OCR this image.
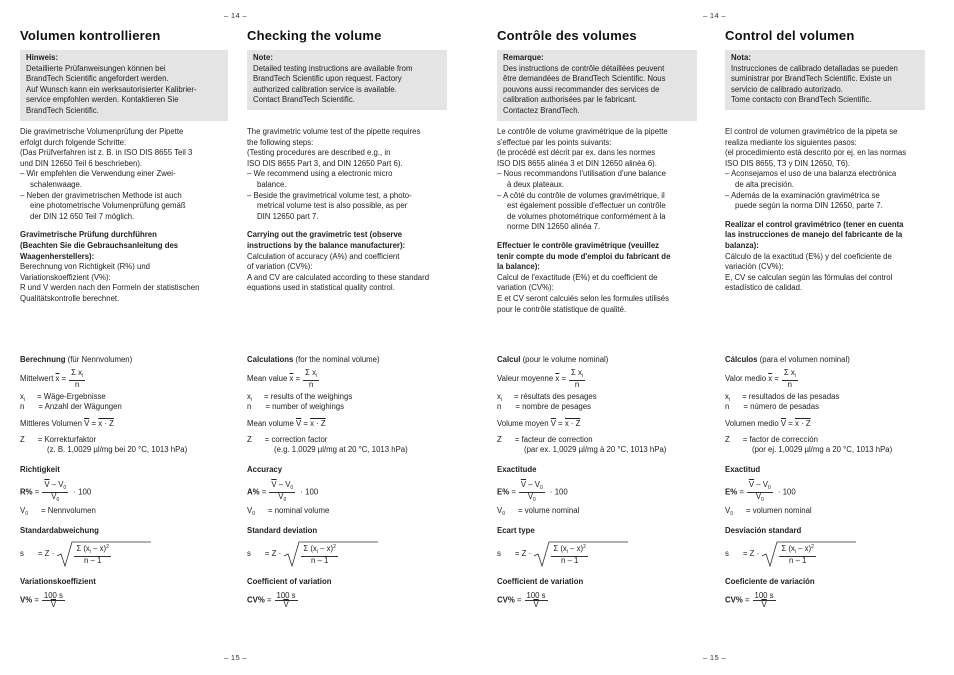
– 14 –	– 14 –
– 15 –	– 15 –
Volumen kontrollieren
Hinweis:
Detaillierte Prüfanweisungen können bei
BrandTech Scientific angefordert werden.
Auf Wunsch kann ein werksautorisierter Kalibrier-
service empfohlen werden. Kontaktieren Sie
BrandTech Scientific.
Die gravimetrische Volumenprüfung der Pipette
erfolgt durch folgende Schritte:
(Das Prüfverfahren ist z. B. in ISO DIS 8655 Teil 3
und DIN 12650 Teil 6 beschrieben).
– Wir empfehlen die Verwendung einer Zwei-
schalenwaage.
– Neben der gravimetrischen Methode ist auch
eine photometrische Volumenprüfung gemäß
der DIN 12 650 Teil 7 möglich.
Gravimetrische Prüfung durchführen
(Beachten Sie die Gebrauchsanleitung des
Waagenherstellers):
Berechnung von Richtigkeit (R%) und
Variationskoeffizient (V%):
R und V werden nach den Formeln der statistischen
Qualitätskontrolle berechnet.
Berechnung (für Nennvolumen)
Mittelwert $\overline{x} = \frac{\Sigma x_i}{n}$
$x_i$ = Wäge-Ergebnisse
n = Anzahl der Wägungen
Mittleres Volumen $\overline{V} = x \cdot Z$
Z = Korrekturfaktor
(z. B. 1,0029 µl/mg bei 20 °C, 1013 hPa)
Richtigkeit
$R\% = \frac{\overline{V} - V_0}{V_0} \cdot 100$
$V_0$ = Nennvolumen
Standardabweichung
s = Z ·	$\frac{\Sigma (x_i - x)^2}{n - 1}$
Variationskoeffizient
$V\% = \frac{100 s}{V}$
Checking the volume
Note:
Detailed testing instructions are available from
BrandTech Scientific upon request. Factory
authorized calibration service is available.
Contact BrandTech Scientific.
The gravimetric volume test of the pipette requires
the following steps:
(Testing procedures are described e.g., in
ISO DIS 8655 Part 3, and DIN 12650 Part 6).
– We recommend using a electronic micro
balance.
– Beside the gravimetrical volume test, a photo-
metrical volume test is also possible, as per
DIN 12650 part 7.
Carrying out the gravimetric test (observe
instructions by the balance manufacturer):
Calculation of accuracy (A%) and coefficient
of variation (CV%):
A and CV are calculated according to these standard
equations used in statistical quality control.
Calculations (for the nominal volume)
Mean value $\overline{x} = \frac{\Sigma x_i}{n}$
$x_i$ = results of the weighings
n = number of weighings
Mean volume $\overline{V} = x \cdot Z$
Z = correction factor
(e.g. 1.0029 µl/mg at 20 °C, 1013 hPa)
Accuracy
$A\% = \frac{\overline{V} - V_0}{V_0} \cdot 100$
$V_0$ = nominal volume
Standard deviation
s = Z ·	$\frac{\Sigma (x_i - x)^2}{n - 1}$
Coefficient of variation
$CV\% = \frac{100 s}{V}$
Contrôle des volumes
Remarque:
Des instructions de contrôle détaillées peuvent
être demandées de BrandTech Scientific. Nous
pouvons aussi recommander des services de
calibration authorisées par le fabricant.
Contactez BrandTech.
Le contrôle de volume gravimétrique de la pipette
s'effectue par les points suivants:
(le procédé est décrit par ex. dans les normes
ISO DIS 8655 alinéa 3 et DIN 12650 alinéa 6).
– Nous recommandons l'utilisation d'une balance
à deux plateaux.
– A côté du contrôle de volumes gravimétrique, il
est également possible d'effectuer un contrôle
de volumes photométrique conformément à la
norme DIN 12650 alinéa 7.
Effectuer le contrôle gravimétrique (veuillez
tenir compte du mode d'emploi du fabricant de
la balance):
Calcul de l'exactitude (E%) et du coefficient de
variation (CV%):
E et CV seront calcuiés selon les formules utilisés
pour le contrôle statistique de qualité.
Calcul (pour le volume nominal)
Valeur moyenne $\overline{x} = \frac{\Sigma x_i}{n}$
$x_i$ = résultats des pesages
n = nombre de pesages
Volume moyen $\overline{V} = x \cdot Z$
Z = facteur de correction
(par ex. 1,0029 µl/mg à 20 °C, 1013 hPa)
Exactitude
$E\% = \frac{\overline{V} - V_0}{V_0} \cdot 100$
$V_0$ = volume nominal
Ecart type
s = Z ·	$\frac{\Sigma (x_i - x)^2}{n - 1}$
Coefficient de variation
$CV\% = \frac{100 s}{V}$
Control del volumen
Nota:
Instrucciones de calibrado detalladas se pueden
suministrar por BrandTech Scientific. Existe un
servicio de calibrado autorizado.
Tome contacto con BrandTech Scientific.
El control de volumen gravimétrico de la pipeta se
realiza mediante los siguientes pasos:
(el procedimiento está descrito por ej. en las normas
ISO DIS 8655, T3 y DIN 12650, T6).
– Aconsejamos el uso de una balanza electrónica
de alta precisión.
– Además de la examinación gravimétrica se
puede según la norma DIN 12650, parte 7.
Realizar el control gravimétrico (tener en cuenta
las instrucciones de manejo del fabricante de la
balanza):
Cálculo de la exactitud (E%) y del coeficiente de
variación (CV%):
E, CV se calculan según las fórmulas del control
estadístico de calidad.
Cálculos (para el volumen nominal)
Valor medio $\overline{x} = \frac{\Sigma x_i}{n}$
$x_i$ = resultados de las pesadas
n = número de pesadas
Volumen medio $\overline{V} = x \cdot Z$
Z = factor de corrección
(por ej. 1,0029 µl/mg a 20 °C, 1013 hPa)
Exactitud
$E\% = \frac{\overline{V} - V_0}{V_0} \cdot 100$
$V_0$ = volumen nominal
Desviación standard
s = Z ·	$\frac{\Sigma (x_i - x)^2}{n - 1}$
Coeficiente de variación
$CV\% = \frac{100 s}{V}$
